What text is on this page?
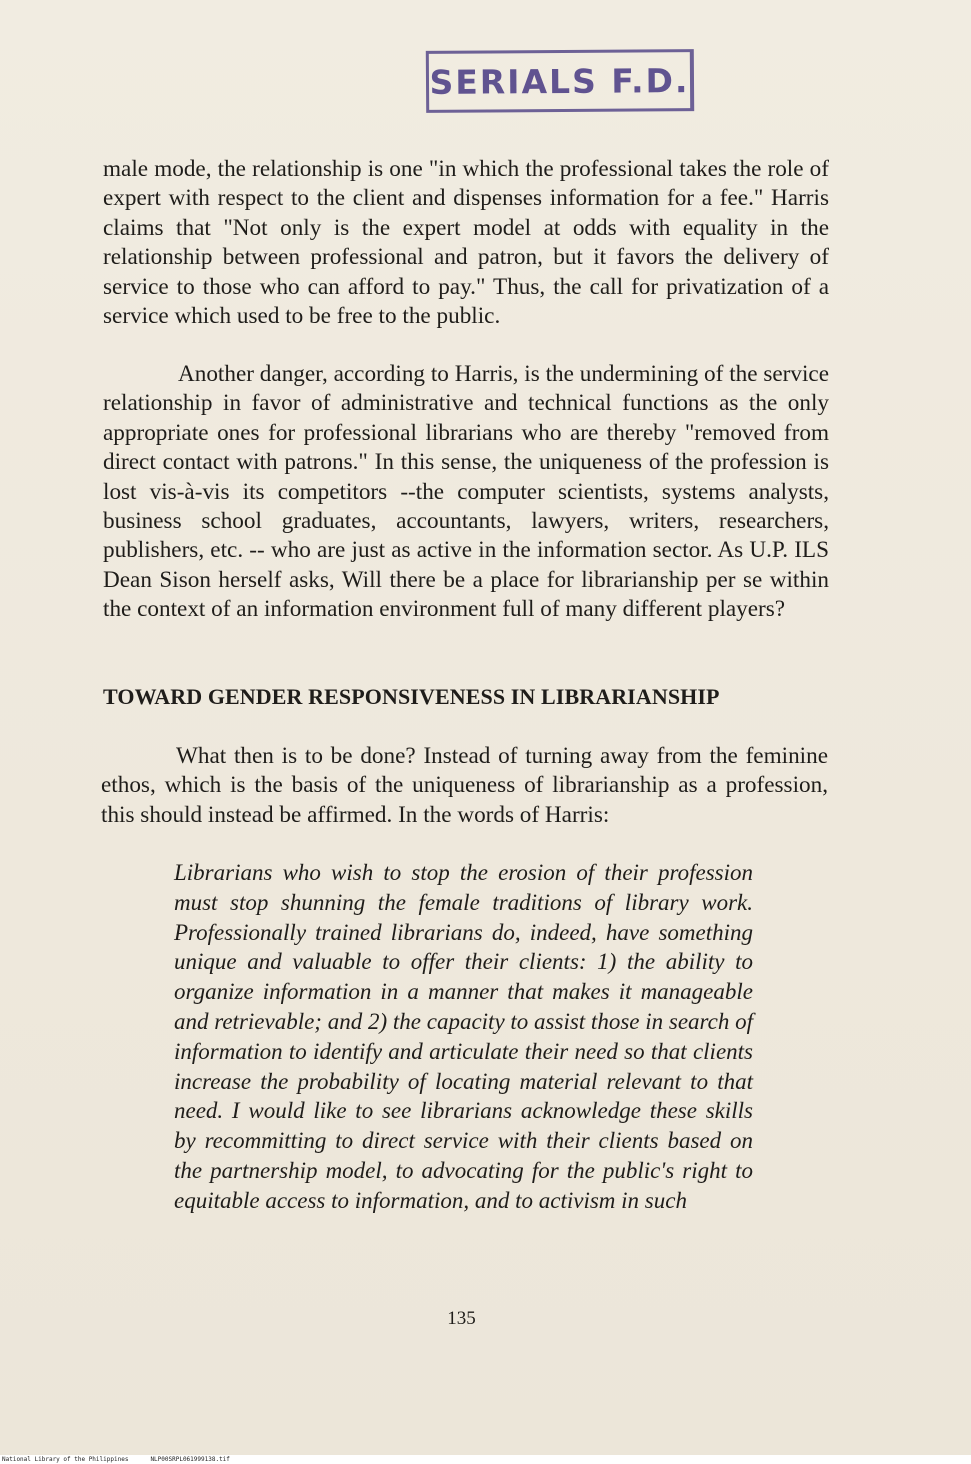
SERIALS F.D.
male mode, the relationship is one "in which the professional takes the role of expert with respect to the client and dispenses information for a fee." Harris claims that "Not only is the expert model at odds with equality in the relationship between professional and patron, but it favors the delivery of service to those who can afford to pay." Thus, the call for privatization of a service which used to be free to the public.
Another danger, according to Harris, is the undermining of the service relationship in favor of administrative and technical functions as the only appropriate ones for professional librarians who are thereby "removed from direct contact with patrons." In this sense, the uniqueness of the profession is lost vis-à-vis its competitors --the computer scientists, systems analysts, business school graduates, accountants, lawyers, writers, researchers, publishers, etc. -- who are just as active in the information sector. As U.P. ILS Dean Sison herself asks, Will there be a place for librarianship per se within the context of an information environment full of many different players?
TOWARD GENDER RESPONSIVENESS IN LIBRARIANSHIP
What then is to be done? Instead of turning away from the feminine ethos, which is the basis of the uniqueness of librarianship as a profession, this should instead be affirmed. In the words of Harris:
Librarians who wish to stop the erosion of their profession must stop shunning the female traditions of library work. Professionally trained librarians do, indeed, have something unique and valuable to offer their clients: 1) the ability to organize information in a manner that makes it manageable and retrievable; and 2) the capacity to assist those in search of information to identify and articulate their need so that clients increase the probability of locating material relevant to that need. I would like to see librarians acknowledge these skills by recommitting to direct service with their clients based on the partnership model, to advocating for the public's right to equitable access to information, and to activism in such
135
National Library of the Philippines	NLP00SRPL061999138.tif
